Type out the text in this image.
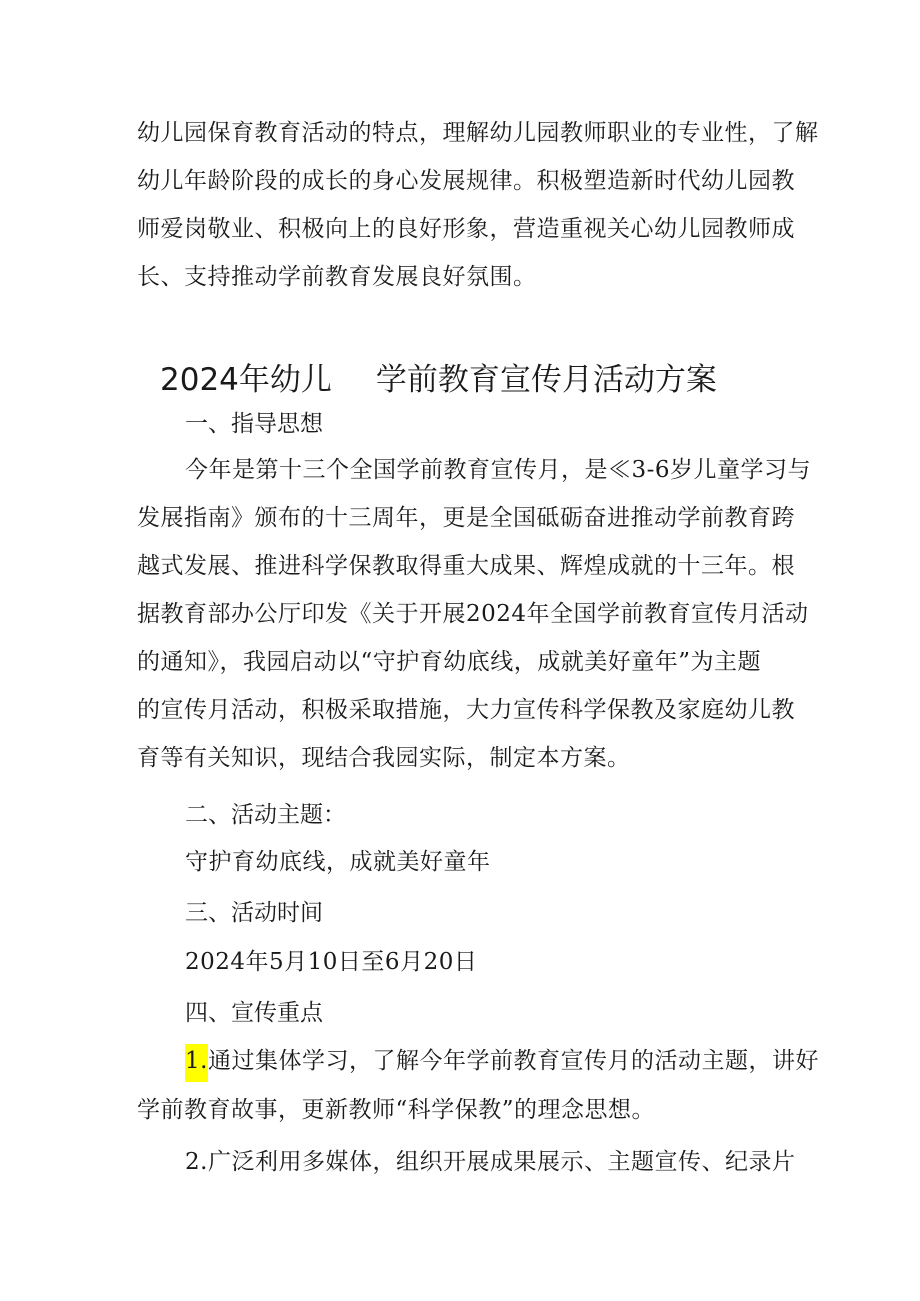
幼儿园保育教育活动的特点，理解幼儿园教师职业的专业性，了解
幼儿年龄阶段的成长的身心发展规律。积极塑造新时代幼儿园教
师爱岗敬业、积极向上的良好形象，营造重视关心幼儿园教师成
长、支持推动学前教育发展良好氛围。
2024年幼儿 学前教育宣传月活动方案
一、指导思想
今年是第十三个全国学前教育宣传月，是≪3-6岁儿童学习与
发展指南》颁布的十三周年，更是全国砥砺奋进推动学前教育跨
越式发展、推进科学保教取得重大成果、辉煌成就的十三年。根
据教育部办公厅印发《关于开展2024年全国学前教育宣传月活动
的通知》，我园启动以“守护育幼底线，成就美好童年”为主题
的宣传月活动，积极采取措施，大力宣传科学保教及家庭幼儿教
育等有关知识，现结合我园实际，制定本方案。
二、活动主题：
守护育幼底线，成就美好童年
三、活动时间
2024年5月10日至6月20日
四、宣传重点
1.通过集体学习，了解今年学前教育宣传月的活动主题，讲好
学前教育故事，更新教师“科学保教”的理念思想。
2.广泛利用多媒体，组织开展成果展示、主题宣传、纪录片
